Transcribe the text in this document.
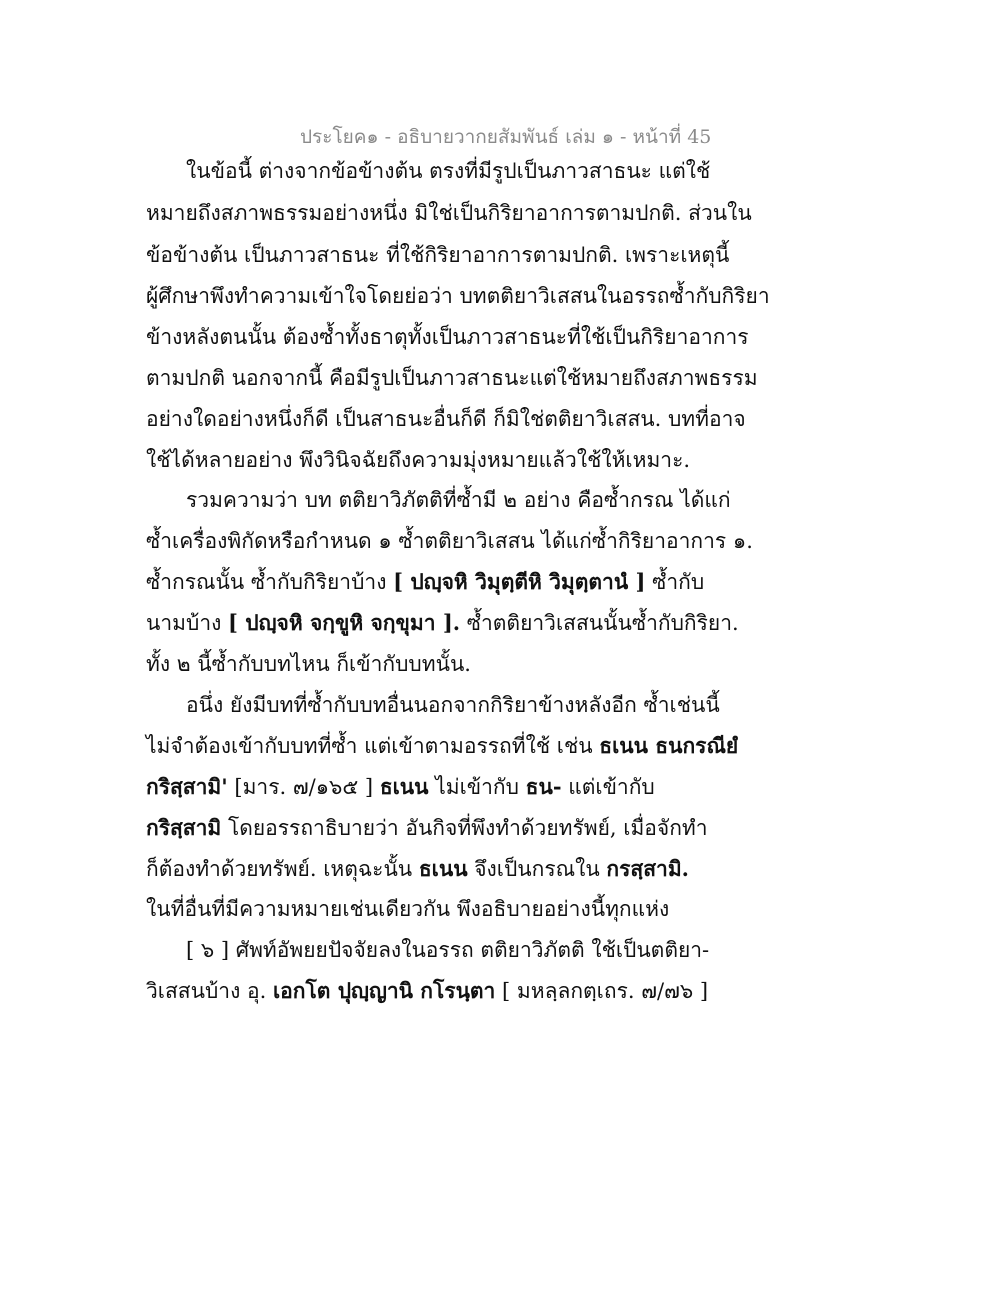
ประโยค๑ - อธิบายวากยสัมพันธ์ เล่ม ๑ - หน้าที่ 45
ในข้อนี้ ต่างจากข้อข้างต้น ตรงที่มีรูปเป็นภาวสาธนะ แต่ใช้
หมายถึงสภาพธรรมอย่างหนึ่ง มิใช่เป็นกิริยาอาการตามปกติ. ส่วนใน
ข้อข้างต้น เป็นภาวสาธนะ ที่ใช้กิริยาอาการตามปกติ. เพราะเหตุนี้
ผู้ศึกษาพึงทำความเข้าใจโดยย่อว่า บทตติยาวิเสสนในอรรถซ้ำกับกิริยา
ข้างหลังตนนั้น ต้องซ้ำทั้งธาตุทั้งเป็นภาวสาธนะที่ใช้เป็นกิริยาอาการ
ตามปกติ นอกจากนี้ คือมีรูปเป็นภาวสาธนะแต่ใช้หมายถึงสภาพธรรม
อย่างใดอย่างหนึ่งก็ดี เป็นสาธนะอื่นก็ดี ก็มิใช่ตติยาวิเสสน. บทที่อาจ
ใช้ได้หลายอย่าง พึงวินิจฉัยถึงความมุ่งหมายแล้วใช้ให้เหมาะ.
รวมความว่า บท ตติยาวิภัตติที่ซ้ำมี ๒ อย่าง คือซ้ำกรณ ได้แก่
ซ้ำเครื่องพิกัดหรือกำหนด ๑ ซ้ำตติยาวิเสสน ได้แก่ซ้ำกิริยาอาการ ๑.
ซ้ำกรณนั้น ซ้ำกับกิริยาบ้าง [ ปญฺจหิ วิมุตฺตีหิ วิมุตฺตานํ ] ซ้ำกับ
นามบ้าง [ ปญฺจหิ จกฺขูหิ จกฺขุมา ]. ซ้ำตติยาวิเสสนนั้นซ้ำกับกิริยา.
ทั้ง ๒ นี้ซ้ำกับบทไหน ก็เข้ากับบทนั้น.
อนึ่ง ยังมีบทที่ซ้ำกับบทอื่นนอกจากกิริยาข้างหลังอีก ซ้ำเช่นนี้
ไม่จำต้องเข้ากับบทที่ซ้ำ แต่เข้าตามอรรถที่ใช้ เช่น ธเนน ธนกรณียํ
กริสฺสามิ' [มาร. ๗/๑๖๕ ] ธเนน ไม่เข้ากับ ธน- แต่เข้ากับ
กริสฺสามิ โดยอรรถาธิบายว่า อันกิจที่พึงทำด้วยทรัพย์, เมื่อจักทำ
ก็ต้องทำด้วยทรัพย์. เหตุฉะนั้น ธเนน จึงเป็นกรณใน กรสฺสามิ.
ในที่อื่นที่มีความหมายเช่นเดียวกัน พึงอธิบายอย่างนี้ทุกแห่ง
[ ๖ ] ศัพท์อัพยยปัจจัยลงในอรรถ ตติยาวิภัตติ ใช้เป็นตติยา-
วิเสสนบ้าง อุ. เอกโต ปุญฺญานิ กโรนฺตา [ มหลฺลกตฺเถร. ๗/๗๖ ]
